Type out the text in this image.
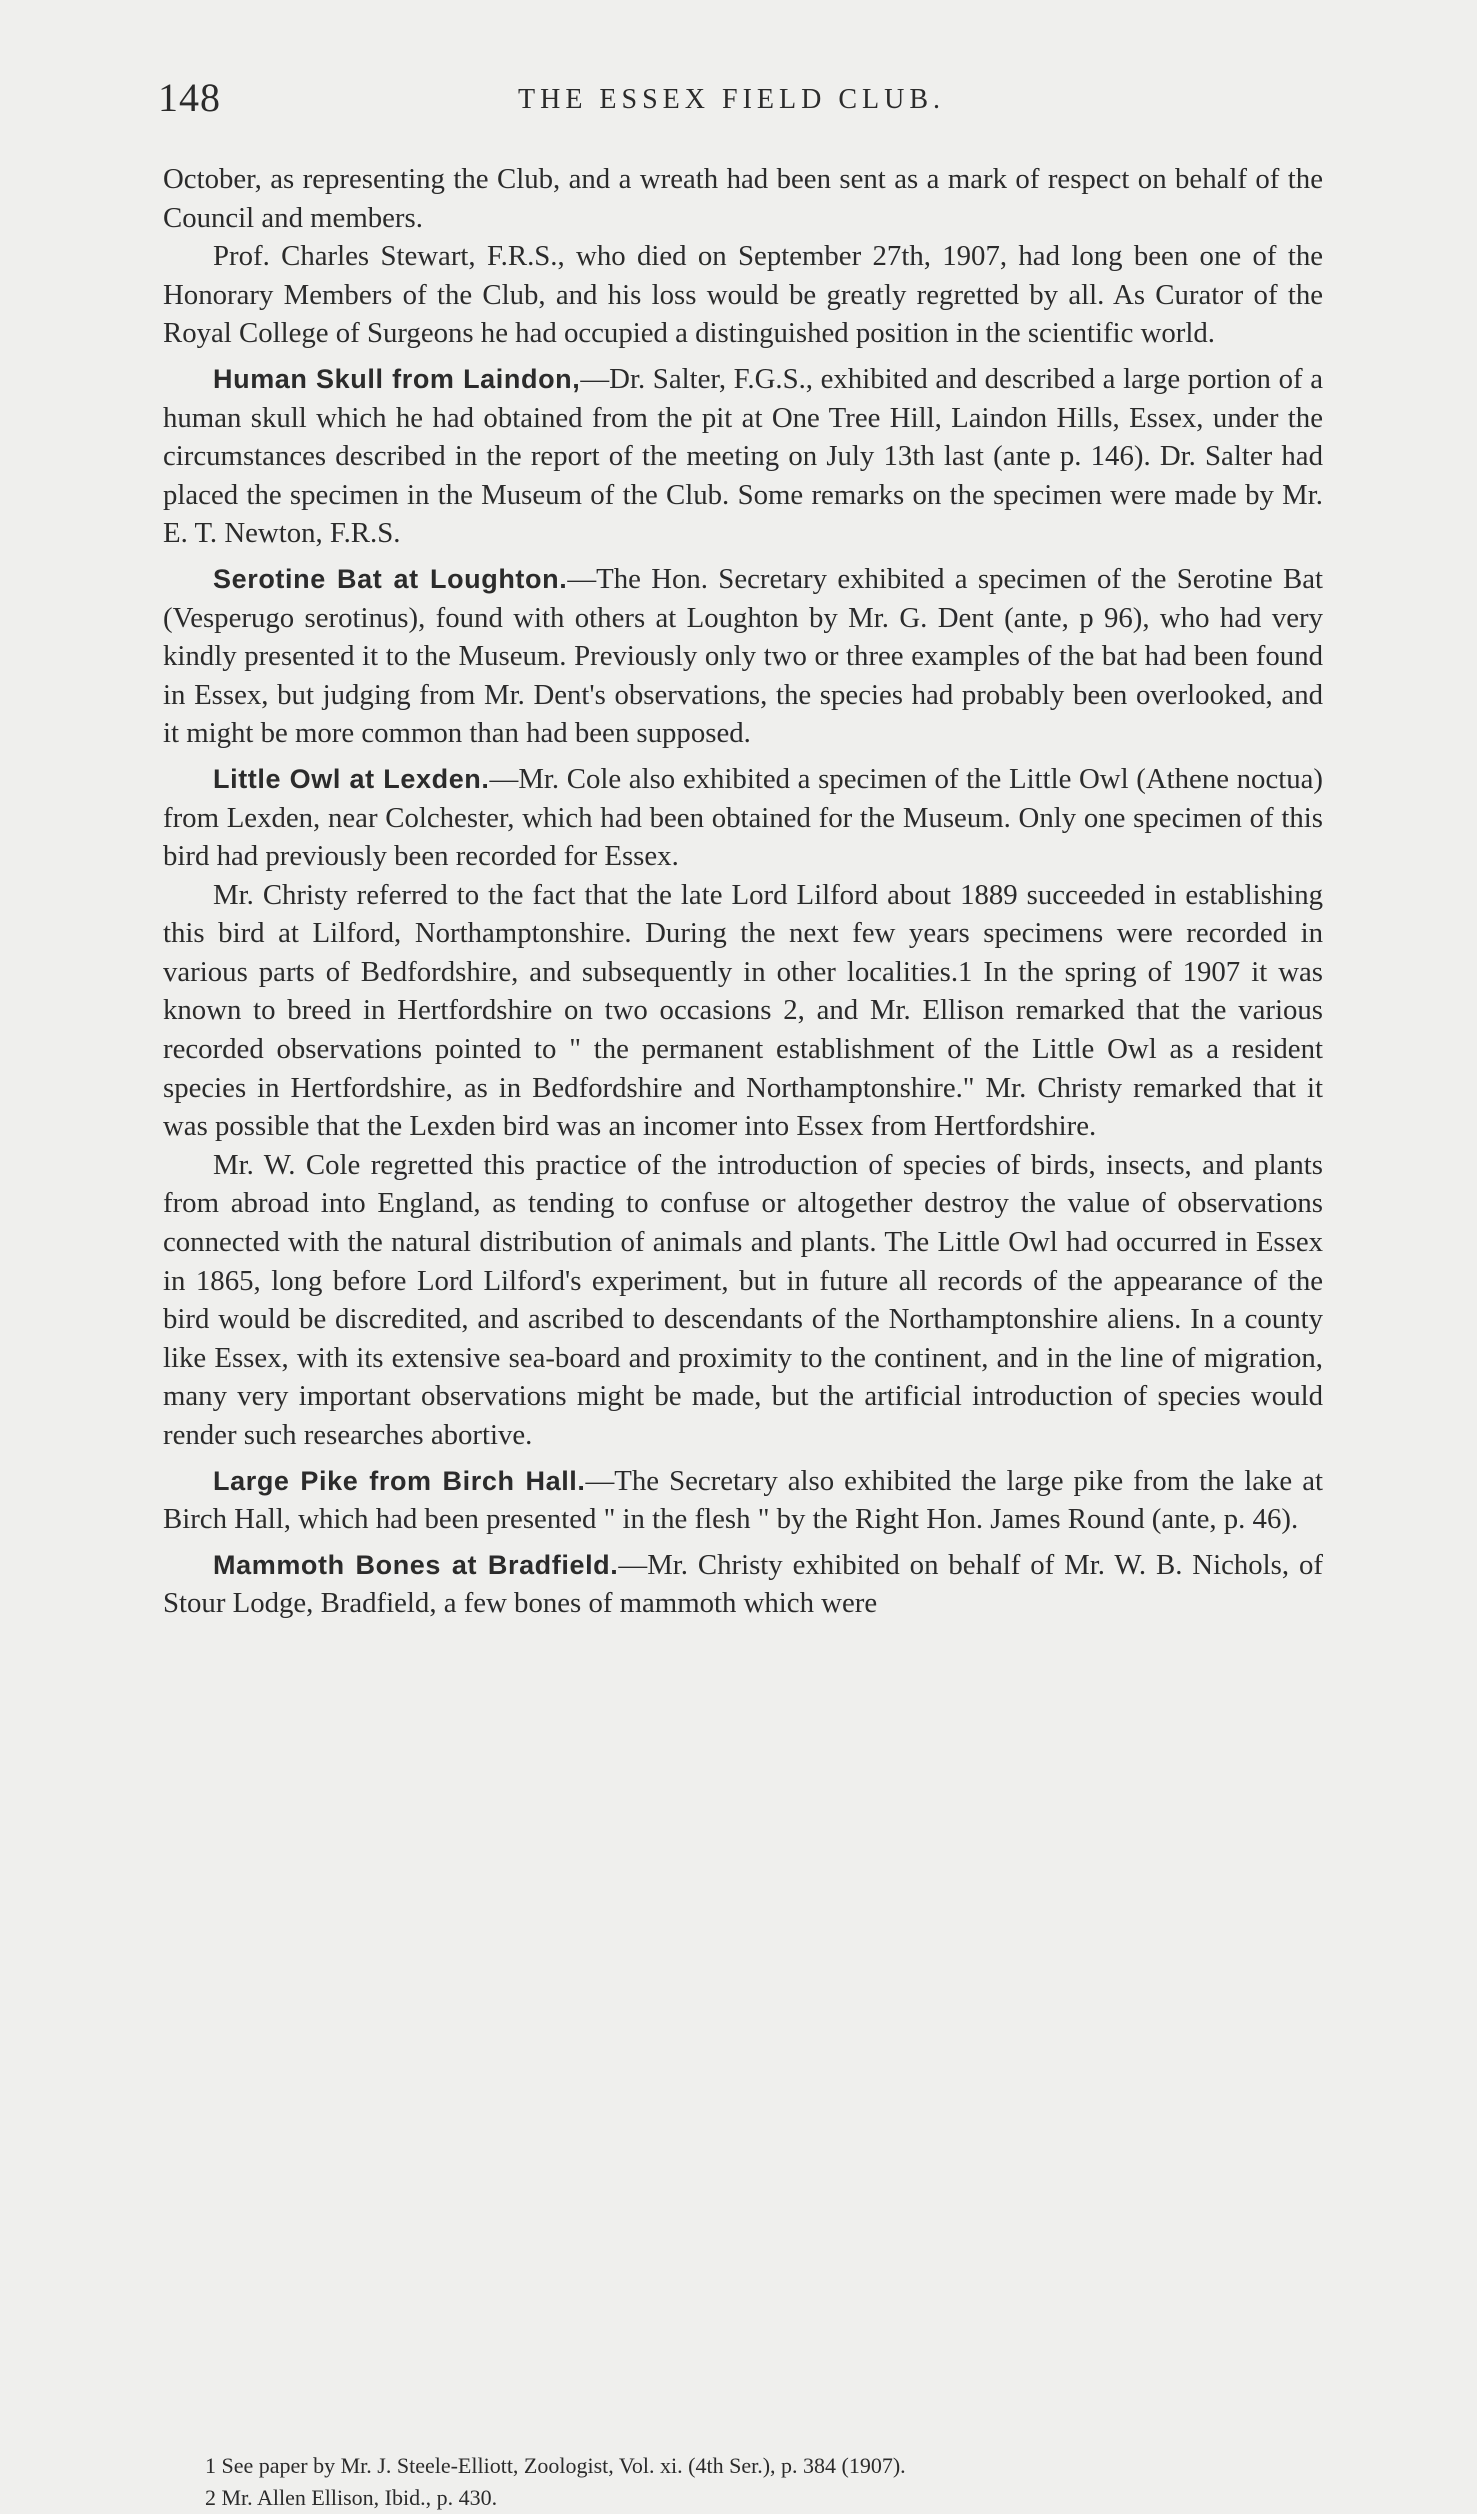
148	THE ESSEX FIELD CLUB.

October, as representing the Club, and a wreath had been sent as a mark of respect on behalf of the Council and members.

Prof. Charles Stewart, F.R.S., who died on September 27th, 1907, had long been one of the Honorary Members of the Club, and his loss would be greatly regretted by all. As Curator of the Royal College of Surgeons he had occupied a distinguished position in the scientific world.

Human Skull from Laindon,—Dr. Salter, F.G.S., exhibited and described a large portion of a human skull which he had obtained from the pit at One Tree Hill, Laindon Hills, Essex, under the circumstances described in the report of the meeting on July 13th last (ante p. 146). Dr. Salter had placed the specimen in the Museum of the Club. Some remarks on the specimen were made by Mr. E. T. Newton, F.R.S.

Serotine Bat at Loughton.—The Hon. Secretary exhibited a specimen of the Serotine Bat (Vesperugo serotinus), found with others at Loughton by Mr. G. Dent (ante, p 96), who had very kindly presented it to the Museum. Previously only two or three examples of the bat had been found in Essex, but judging from Mr. Dent's observations, the species had probably been overlooked, and it might be more common than had been supposed.

Little Owl at Lexden.—Mr. Cole also exhibited a specimen of the Little Owl (Athene noctua) from Lexden, near Colchester, which had been obtained for the Museum. Only one specimen of this bird had previously been recorded for Essex.

Mr. Christy referred to the fact that the late Lord Lilford about 1889 succeeded in establishing this bird at Lilford, Northamptonshire. During the next few years specimens were recorded in various parts of Bedfordshire, and subsequently in other localities.1 In the spring of 1907 it was known to breed in Hertfordshire on two occasions 2, and Mr. Ellison remarked that the various recorded observations pointed to " the permanent establishment of the Little Owl as a resident species in Hertfordshire, as in Bedfordshire and Northamptonshire." Mr. Christy remarked that it was possible that the Lexden bird was an incomer into Essex from Hertfordshire.

Mr. W. Cole regretted this practice of the introduction of species of birds, insects, and plants from abroad into England, as tending to confuse or altogether destroy the value of observations connected with the natural distribution of animals and plants. The Little Owl had occurred in Essex in 1865, long before Lord Lilford's experiment, but in future all records of the appearance of the bird would be discredited, and ascribed to descendants of the Northamptonshire aliens. In a county like Essex, with its extensive sea-board and proximity to the continent, and in the line of migration, many very important observations might be made, but the artificial introduction of species would render such researches abortive.

Large Pike from Birch Hall.—The Secretary also exhibited the large pike from the lake at Birch Hall, which had been presented " in the flesh " by the Right Hon. James Round (ante, p. 46).

Mammoth Bones at Bradfield.—Mr. Christy exhibited on behalf of Mr. W. B. Nichols, of Stour Lodge, Bradfield, a few bones of mammoth which were

1 See paper by Mr. J. Steele-Elliott, Zoologist, Vol. xi. (4th Ser.), p. 384 (1907).

2 Mr. Allen Ellison, Ibid., p. 430.
